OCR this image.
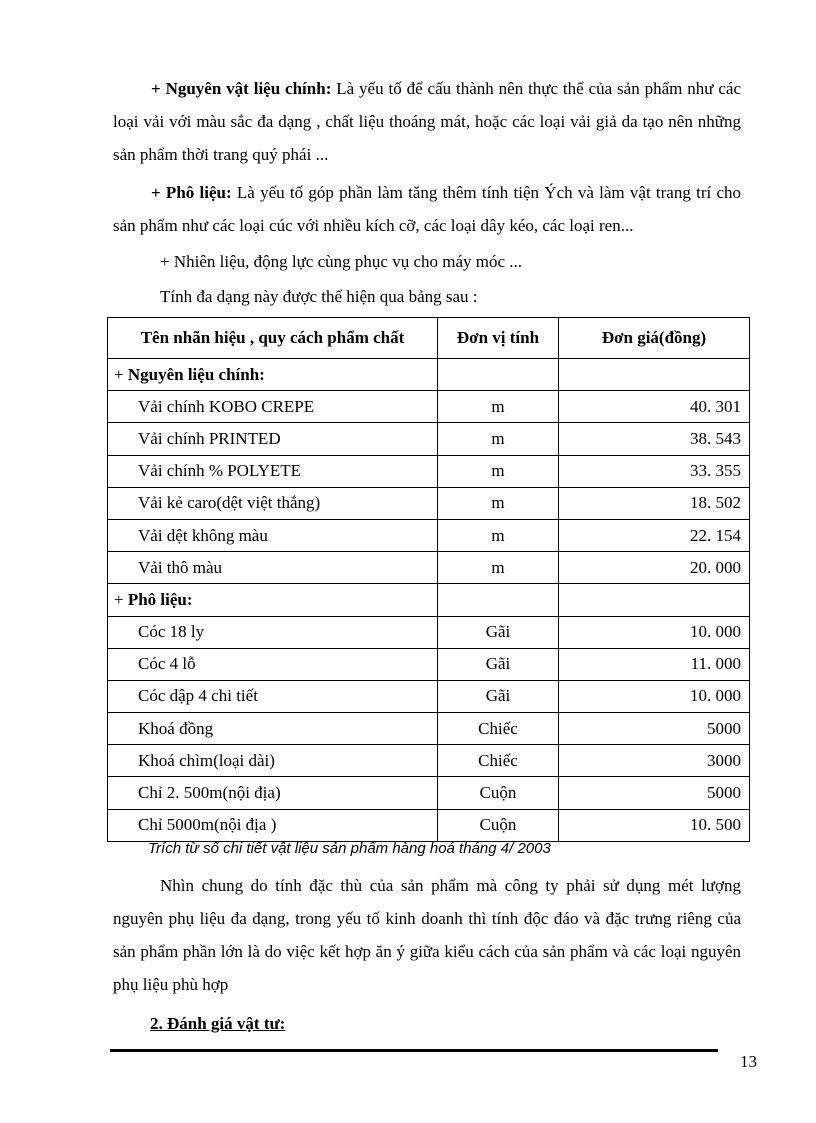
+ Nguyên vật liệu chính: Là yếu tố để cấu thành nên thực thể của sản phẩm như các loại vải với màu sắc đa dạng , chất liệu thoáng mát, hoặc các loại vải giả da tạo nên những sản phẩm thời trang quý phái ...

+ Phô liệu: Là yếu tố góp phần làm tăng thêm tính tiện Ých và làm vật trang trí cho sản phẩm như các loại cúc với nhiều kích cỡ, các loại dây kéo, các loại ren...

+ Nhiên liệu, động lực cùng phục vụ cho máy móc ...

Tính đa dạng này được thể hiện qua bảng sau :

Tên nhãn hiệu , quy cách phẩm chất	Đơn vị tính	Đơn giá(đồng)
+ Nguyên liệu chính:		
Vải chính KOBO CREPE	m	40. 301
Vải chính PRINTED	m	38. 543
Vải chính % POLYETE	m	33. 355
Vải kẻ caro(dệt việt thắng)	m	18. 502
Vải dệt không màu	m	22. 154
Vải thô màu	m	20. 000
+ Phô liệu:		
Cóc 18 ly	Gãi	10. 000
Cóc 4 lỗ	Gãi	11. 000
Cóc dập 4 chi tiết	Gãi	10. 000
Khoá đồng	Chiếc	5000
Khoá chìm(loại dài)	Chiếc	3000
Chỉ 2. 500m(nội địa)	Cuộn	5000
Chỉ 5000m(nội địa )	Cuộn	10. 500
Trích từ sổ chi tiết vật liệu sản phẩm hàng hoá tháng 4/ 2003

Nhìn chung do tính đặc thù của sản phẩm mà công ty phải sử dụng mét lượng nguyên phụ liệu đa dạng, trong yếu tố kinh doanh thì tính độc đáo và đặc trưng riêng của sản phẩm phần lớn là do việc kết hợp ăn ý giữa kiểu cách của sản phẩm và các loại nguyên phụ liệu phù hợp

2. Đánh giá vật tư:
13
